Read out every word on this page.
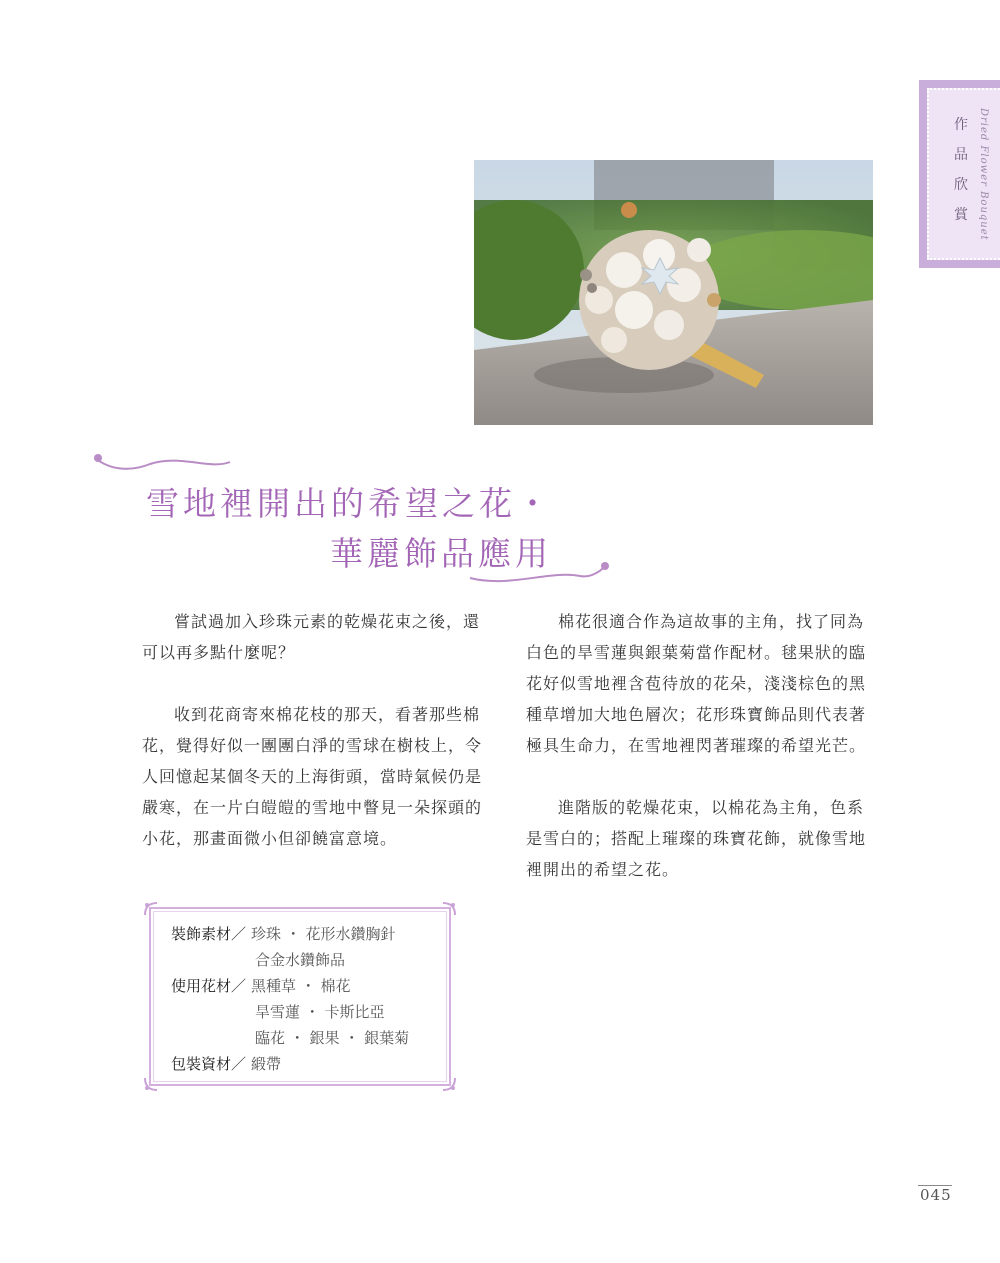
作
品
欣
賞	Dried Flower Bouquet
雪地裡開出的希望之花・
華麗飾品應用

嘗試過加入珍珠元素的乾燥花束之後，還可以再多點什麼呢？

收到花商寄來棉花枝的那天，看著那些棉花，覺得好似一團團白淨的雪球在樹枝上，令人回憶起某個冬天的上海街頭，當時氣候仍是嚴寒，在一片白皚皚的雪地中瞥見一朵探頭的小花，那畫面微小但卻饒富意境。

棉花很適合作為這故事的主角，找了同為白色的旱雪蓮與銀葉菊當作配材。毬果狀的臨花好似雪地裡含苞待放的花朵，淺淺棕色的黑種草增加大地色層次；花形珠寶飾品則代表著極具生命力，在雪地裡閃著璀璨的希望光芒。

進階版的乾燥花束，以棉花為主角，色系是雪白的；搭配上璀璨的珠寶花飾，就像雪地裡開出的希望之花。

裝飾素材／ 珍珠 ・ 花形水鑽胸針
合金水鑽飾品
使用花材／ 黑種草 ・ 棉花
旱雪蓮 ・ 卡斯比亞
臨花 ・ 銀果 ・ 銀葉菊
包裝資材／ 緞帶
045
